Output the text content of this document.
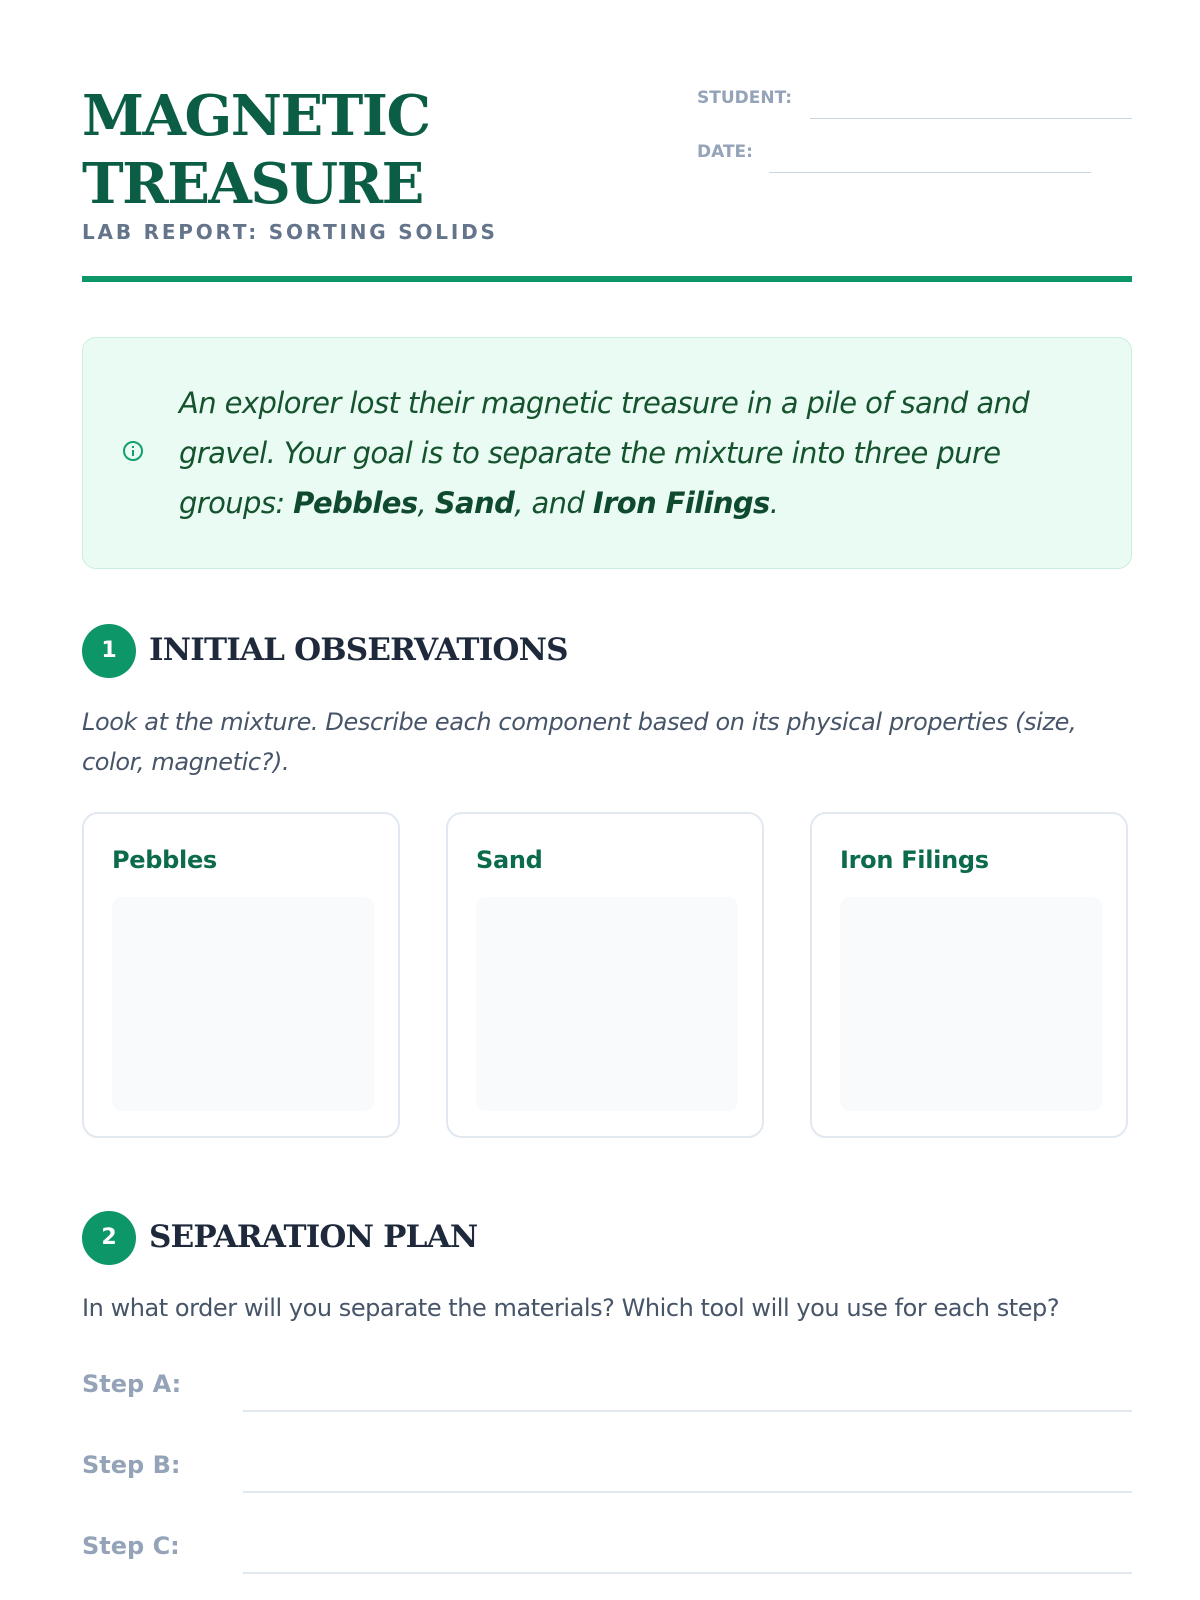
MAGNETIC
TREASURE
LAB REPORT: SORTING SOLIDS
STUDENT:
DATE:
An explorer lost their magnetic treasure in a pile of sand and gravel. Your goal is to separate the mixture into three pure groups: Pebbles, Sand, and Iron Filings.
1	INITIAL OBSERVATIONS
Look at the mixture. Describe each component based on its physical properties (size, color, magnetic?).
Pebbles	Sand	Iron Filings
2	SEPARATION PLAN
In what order will you separate the materials? Which tool will you use for each step?
Step A:
Step B:
Step C:
